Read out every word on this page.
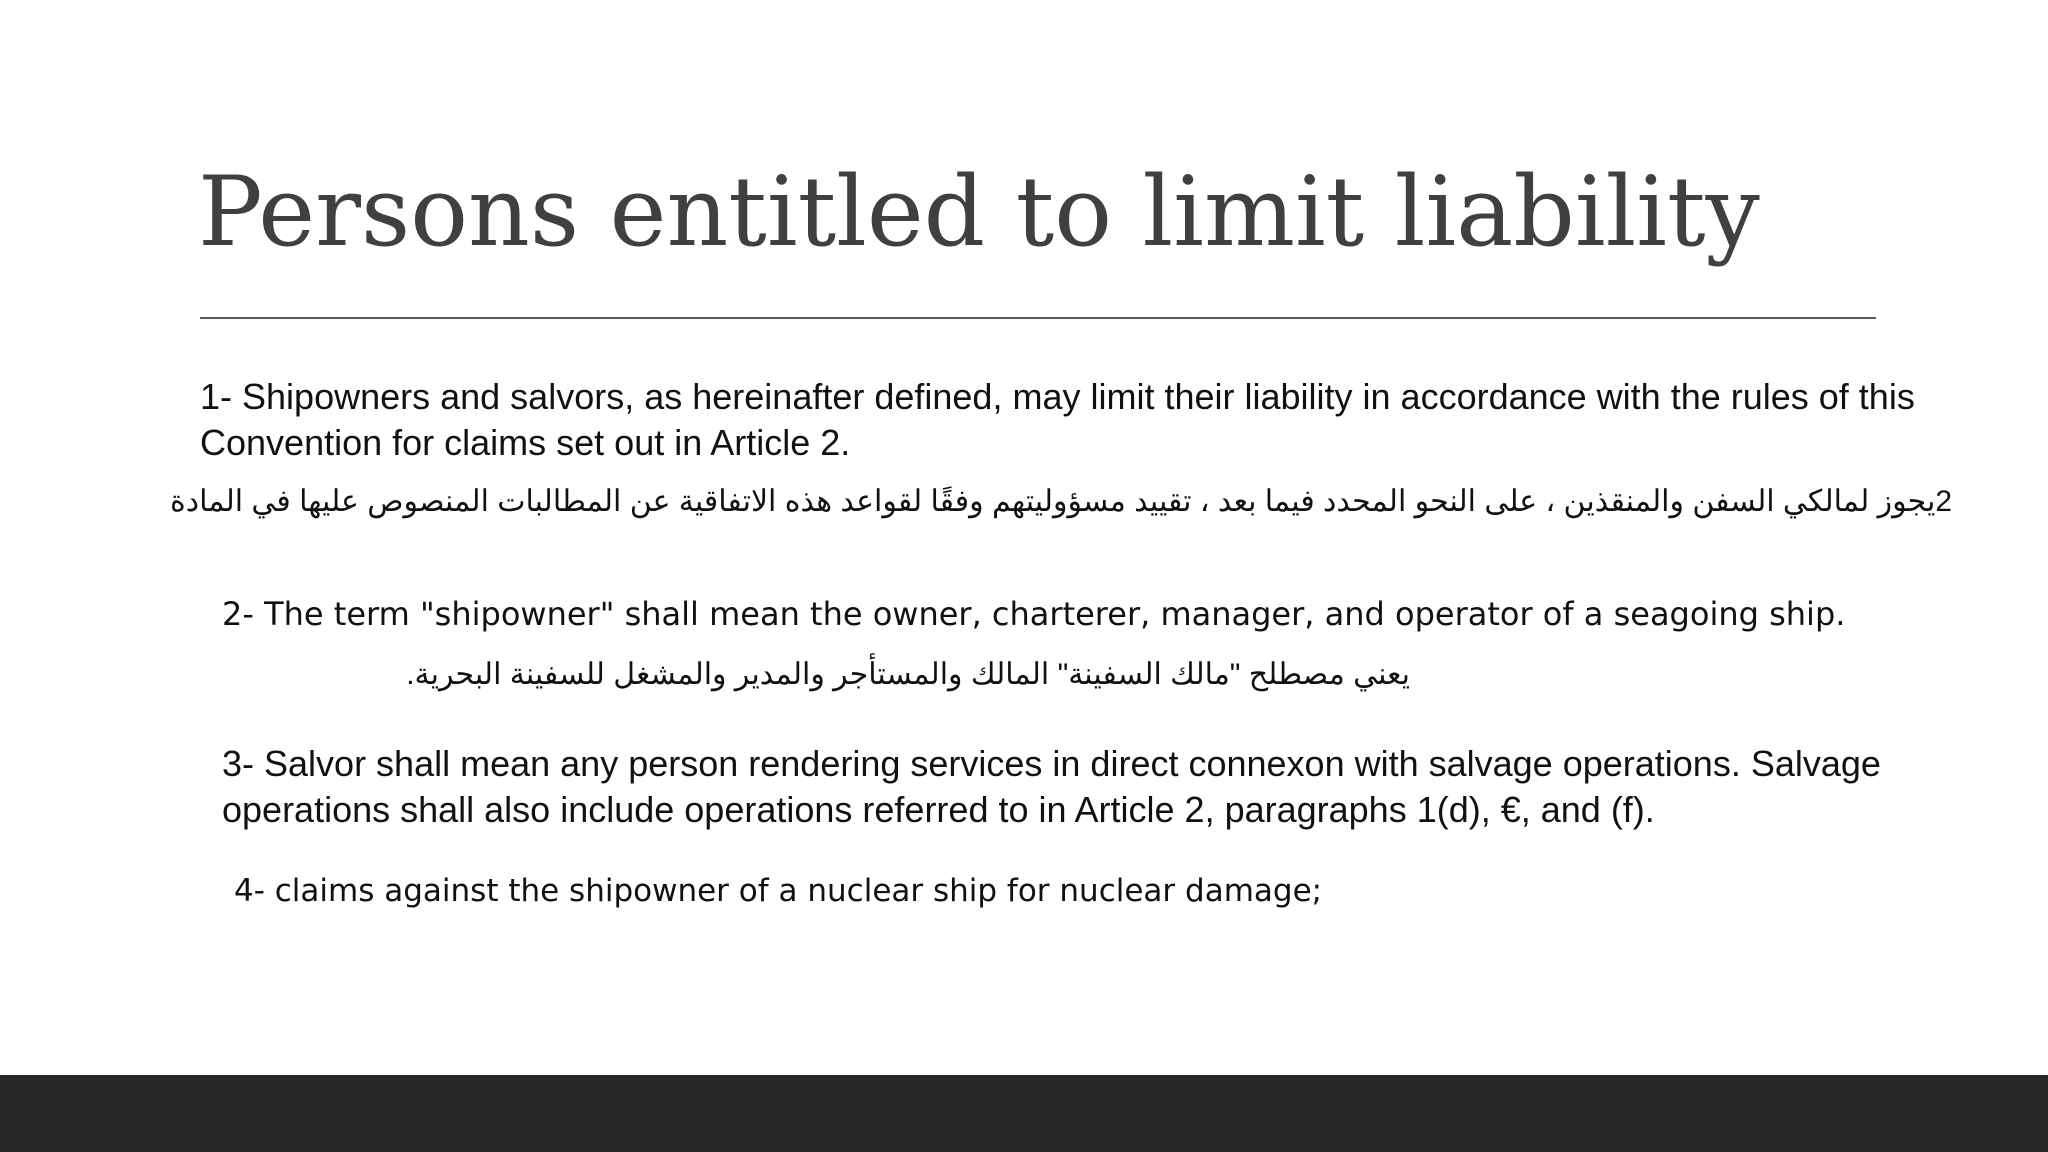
Persons entitled to limit liability

1- Shipowners and salvors, as hereinafter defined, may limit their liability in accordance with the rules of this Convention for claims set out in Article 2.

2يجوز لمالكي السفن والمنقذين ، على النحو المحدد فيما بعد ، تقييد مسؤوليتهم وفقًا لقواعد هذه الاتفاقية عن المطالبات المنصوص عليها في المادة

2- The term "shipowner" shall mean the owner, charterer, manager, and operator of a seagoing ship.

يعني مصطلح "مالك السفينة" المالك والمستأجر والمدير والمشغل للسفينة البحرية.

3- Salvor shall mean any person rendering services in direct connexon with salvage operations. Salvage operations shall also include operations referred to in Article 2, paragraphs 1(d), €, and (f).

4- claims against the shipowner of a nuclear ship for nuclear damage;
